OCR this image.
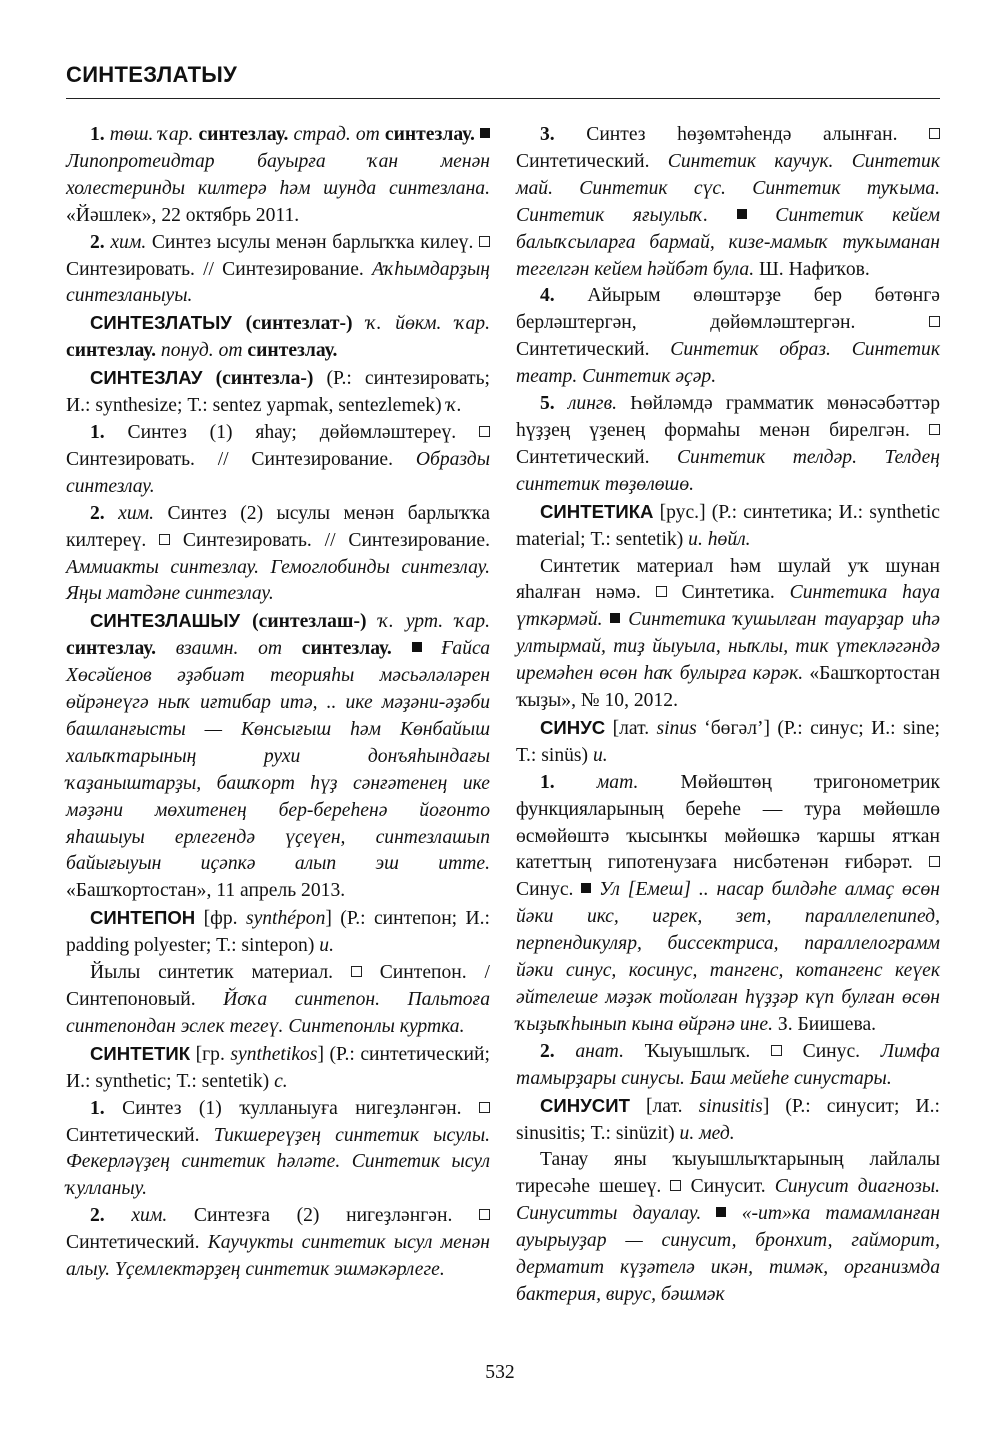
СИНТЕЗЛАТЫУ

1. төш. ҡар. синтезлау. страд. от синтезлау.  Липопротеидтар бауырға ҡан менән холестеринды килтерә һәм шунда синтезлана. «Йәшлек», 22 октябрь 2011.

2. хим. Синтез ысулы менән барлыҡҡа килеү.  Синтезировать. // Синтезирование. Аҡһымдарҙың синтезланыуы.

СИНТЕЗЛАТЫУ (синтезлат-) ҡ. йөкм. ҡар. синтезлау. понуд. от синтезлау.

СИНТЕЗЛАУ (синтезла-) (Р.: синтезировать; И.: synthesize; Т.: sentez yapmak, sentezlemek) ҡ.

1. Синтез (1) яһау; дөйөмләштереү.  Синтезировать. // Синтезирование. Образды синтезлау.

2. хим. Синтез (2) ысулы менән барлыҡҡа килтереү.  Синтезировать. // Синтезирование. Аммиакты синтезлау. Гемоглобинды синтезлау. Яңы матдәне синтезлау.

СИНТЕЗЛАШЫУ (синтезлаш-) ҡ. урт. ҡар. синтезлау. взаимн. от синтезлау.  Ғайса Хөсәйенов әҙәбиәт теорияһы мәсьәләләрен өйрәнеүгә ныҡ иғтибар итә, .. ике мәҙәни-әҙәби башланғысты — Көнсығыш һәм Көнбайыш халыҡтарының рухи донъяһындағы ҡаҙаныштарҙы, башҡорт һүҙ сәнғәтенең ике мәҙәни мөхитенең бер-береһенә йоғонто яһашыуы ерлегендә үҫеүен, синтезлашып байығыуын иҫәпкә алып эш итте. «Башҡортостан», 11 апрель 2013.

СИНТЕПОН [фр. synthépon] (Р.: синтепон; И.: padding polyester; Т.: sintepon) и.

Йылы синтетик материал.  Синтепон. / Синтепоновый. Йоҡа синтепон. Пальтоға синтепондан эслек тегеү. Синтепонлы куртка.

СИНТЕТИК [гр. synthetikos] (Р.: синтетический; И.: synthetic; Т.: sentetik) с.

1. Синтез (1) ҡулланыуға нигеҙләнгән.  Синтетический. Тикшереүҙең синтетик ысулы. Фекерләүҙең синтетик һәләте. Синтетик ысул ҡулланыу.

2. хим. Синтезға (2) нигеҙләнгән.  Синтетический. Каучукты синтетик ысул менән алыу. Үҫемлектәрҙең синтетик эшмәкәрлеге.

3. Синтез һөҙөмтәһендә алынған.  Синтетический. Синтетик каучук. Синтетик май. Синтетик сүс. Синтетик туҡыма. Синтетик яғыулыҡ.  Синтетик кейем балыҡсыларға бармай, кизе-мамыҡ туҡыманан тегелгән кейем һәйбәт була. Ш. Нафиҡов.

4. Айырым өлөштәрҙе бер бөтөнгә берләштергән, дөйөмләштергән.  Синтетический. Синтетик образ. Синтетик театр. Синтетик әҫәр.

5. лингв. Һөйләмдә грамматик мөнәсәбәттәр һүҙҙең үҙенең формаһы менән бирелгән.  Синтетический. Синтетик телдәр. Телдең синтетик төҙөлөшө.

СИНТЕТИКА [рус.] (Р.: синтетика; И.: synthetic material; Т.: sentetik) и. һөйл.

Синтетик материал һәм шулай уҡ шунан яһалған нәмә.  Синтетика. Синтетика һауа үткәрмәй.  Синтетика ҡушылған тауарҙар иһә ултырмай, тиҙ йыуыла, ныҡлы, тик үтекләгәндә иремәһен өсөн һаҡ булырға кәрәк. «Башҡортостан ҡыҙы», № 10, 2012.

СИНУС [лат. sinus ‘бөгәл’] (Р.: синус; И.: sine; Т.: sinüs) и.

1. мат. Мөйөштөң тригонометрик функцияларының береһе — тура мөйөшлө өсмөйөштә ҡысынҡы мөйөшкә ҡаршы ятҡан катеттың гипотенузаға нисбәтенән ғибәрәт.  Синус.  Ул [Емеш] .. насар билдәһе алмаҫ өсөн йәки икс, игрек, зет, параллелепипед, перпендикуляр, биссектриса, параллелограмм йәки синус, косинус, тангенс, котангенс кеүек әйтелеше мәҙәк тойолған һүҙҙәр күп булған өсөн ҡыҙыҡһынып кына өйрәнә ине. З. Биишева.

2. анат. Ҡыуышлыҡ.  Синус. Лимфа тамырҙары синусы. Баш мейеһе синустары.

СИНУСИТ [лат. sinusitis] (Р.: синусит; И.: sinusitis; Т.: sinüzit) и. мед.

Танау яны ҡыуышлыҡтарының лайлалы тиресәһе шешеү.  Синусит. Синусит диагнозы. Синуситты дауалау.  «-ит»ка тамамланған ауырыуҙар — синусит, бронхит, гайморит, дерматит күҙәтелә икән, тимәк, организмда бактерия, вирус, бәшмәк

532
